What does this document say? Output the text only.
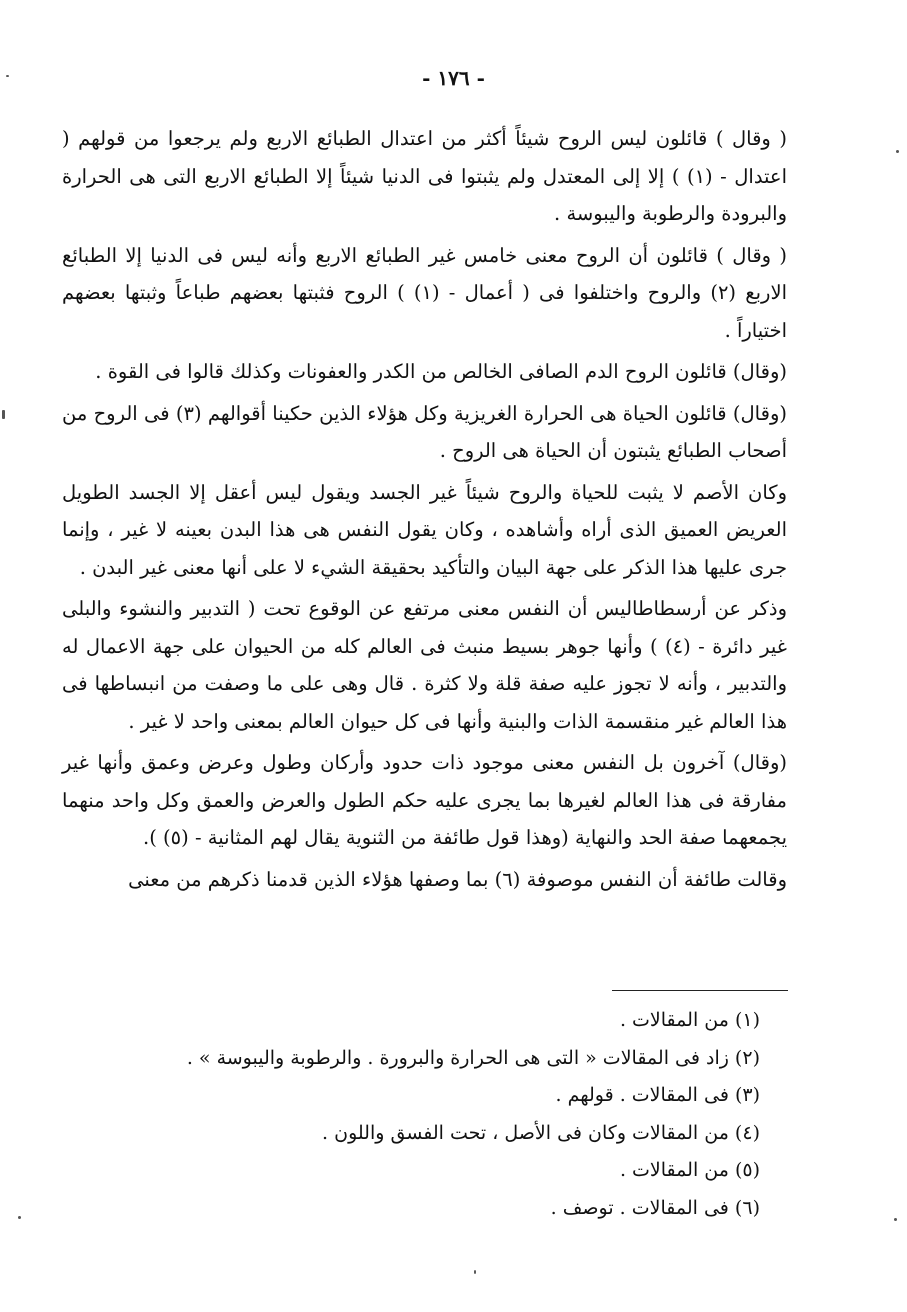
- ١٧٦ -

( وقال ) قائلون ليس الروح شيئاً أكثر من اعتدال الطبائع الاربع ولم يرجعوا من قولهم ( اعتدال - (١) ) إلا إلى المعتدل ولم يثبتوا فى الدنيا شيئاً إلا الطبائع الاربع التى هى الحرارة والبرودة والرطوبة واليبوسة .

( وقال ) قائلون أن الروح معنى خامس غير الطبائع الاربع وأنه ليس فى الدنيا إلا الطبائع الاربع (٢) والروح واختلفوا فى ( أعمال - (١) ) الروح فثبتها بعضهم طباعاً وثبتها بعضهم اختياراً .

(وقال) قائلون الروح الدم الصافى الخالص من الكدر والعفونات وكذلك قالوا فى القوة .

(وقال) قائلون الحياة هى الحرارة الغريزية وكل هؤلاء الذين حكينا أقوالهم (٣) فى الروح من أصحاب الطبائع يثبتون أن الحياة هى الروح .

وكان الأصم لا يثبت للحياة والروح شيئاً غير الجسد ويقول ليس أعقل إلا الجسد الطويل العريض العميق الذى أراه وأشاهده ، وكان يقول النفس هى هذا البدن بعينه لا غير ، وإنما جرى عليها هذا الذكر على جهة البيان والتأكيد بحقيقة الشيء لا على أنها معنى غير البدن .

وذكر عن أرسطاطاليس أن النفس معنى مرتفع عن الوقوع تحت ( التدبير والنشوء والبلى غير دائرة - (٤) ) وأنها جوهر بسيط منبث فى العالم كله من الحيوان على جهة الاعمال له والتدبير ، وأنه لا تجوز عليه صفة قلة ولا كثرة . قال وهى على ما وصفت من انبساطها فى هذا العالم غير منقسمة الذات والبنية وأنها فى كل حيوان العالم بمعنى واحد لا غير .

(وقال) آخرون بل النفس معنى موجود ذات حدود وأركان وطول وعرض وعمق وأنها غير مفارقة فى هذا العالم لغيرها بما يجرى عليه حكم الطول والعرض والعمق وكل واحد منهما يجمعهما صفة الحد والنهاية (وهذا قول طائفة من الثنوية يقال لهم المثانية - (٥) ).

وقالت طائفة أن النفس موصوفة (٦) بما وصفها هؤلاء الذين قدمنا ذكرهم من معنى

(١) من المقالات .
(٢) زاد فى المقالات « التى هى الحرارة والبرورة . والرطوبة واليبوسة » .
(٣) فى المقالات . قولهم .
(٤) من المقالات وكان فى الأصل ، تحت الفسق واللون .
(٥) من المقالات .
(٦) فى المقالات . توصف .
